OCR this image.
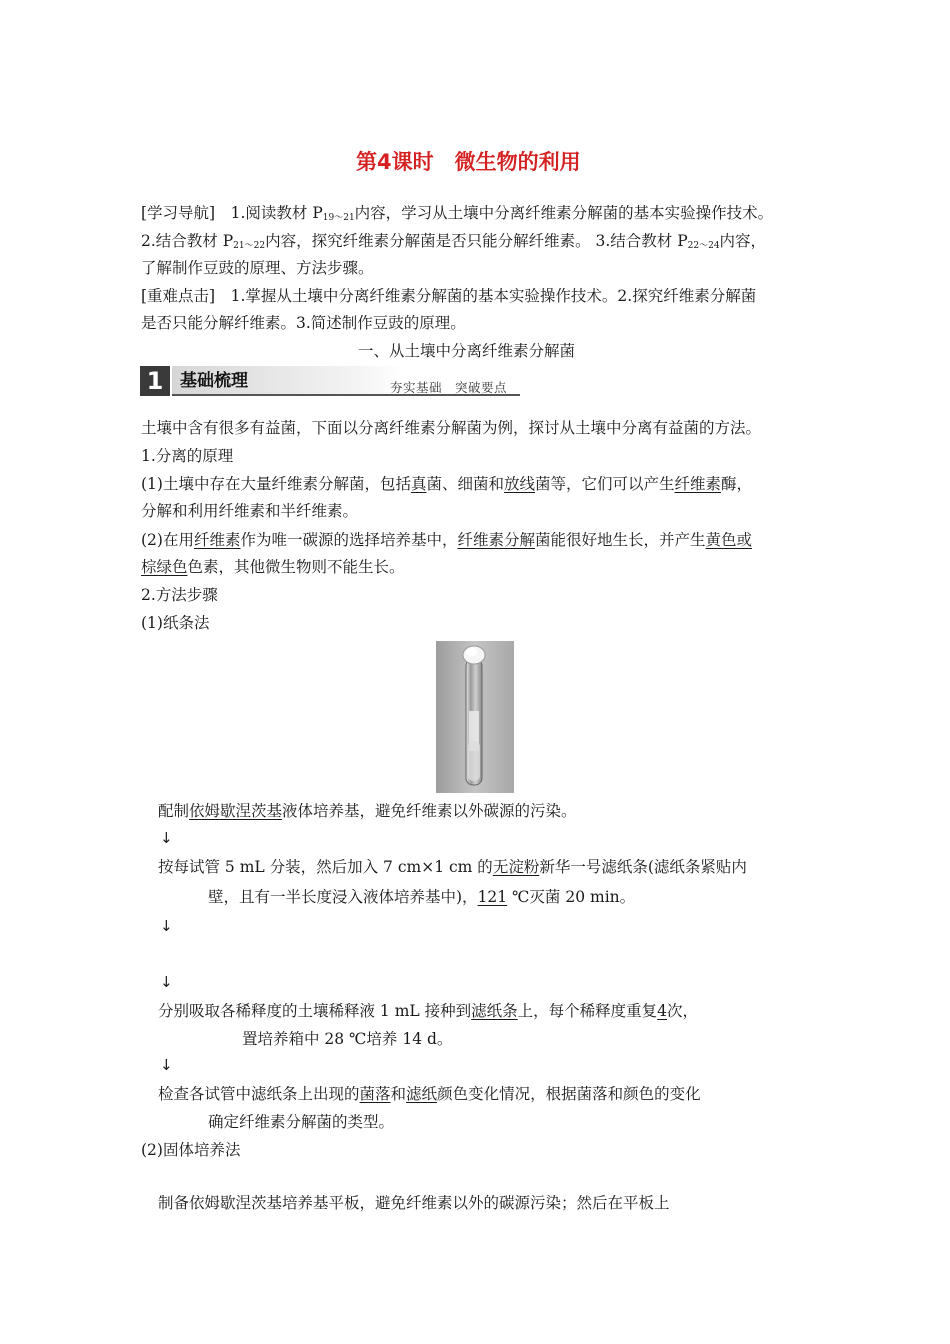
第4课时　微生物的利用
[学习导航]　1.阅读教材 $P_{19\sim 21}$内容，学习从土壤中分离纤维素分解菌的基本实验操作技术。
2.结合教材 $P_{21\sim 22}$内容，探究纤维素分解菌是否只能分解纤维素。 3.结合教材 $P_{22\sim 24}$内容，
了解制作豆豉的原理、方法步骤。
[重难点击]　1.掌握从土壤中分离纤维素分解菌的基本实验操作技术。2.探究纤维素分解菌
是否只能分解纤维素。3.简述制作豆豉的原理。
一、从土壤中分离纤维素分解菌
1 基础梳理	夯实基础　突破要点
土壤中含有很多有益菌，下面以分离纤维素分解菌为例，探讨从土壤中分离有益菌的方法。
1.分离的原理
(1)土壤中存在大量纤维素分解菌，包括真菌、细菌和放线菌等，它们可以产生纤维素酶，
分解和利用纤维素和半纤维素。
(2)在用纤维素作为唯一碳源的选择培养基中，纤维素分解菌能很好地生长，并产生黄色或
棕绿色色素，其他微生物则不能生长。
2.方法步骤
(1)纸条法
配制依姆歇涅茨基液体培养基，避免纤维素以外碳源的污染。
↓
按每试管 5 mL 分装，然后加入 7 cm×1 cm 的无淀粉新华一号滤纸条(滤纸条紧贴内
壁，且有一半长度浸入液体培养基中)，121 ℃灭菌 20 min。
↓
↓
分别吸取各稀释度的土壤稀释液 1 mL 接种到滤纸条上，每个稀释度重复4次，
置培养箱中 28 ℃培养 14 d。
↓
检查各试管中滤纸条上出现的菌落和滤纸颜色变化情况，根据菌落和颜色的变化
确定纤维素分解菌的类型。
(2)固体培养法
制备依姆歇涅茨基培养基平板，避免纤维素以外的碳源污染；然后在平板上
